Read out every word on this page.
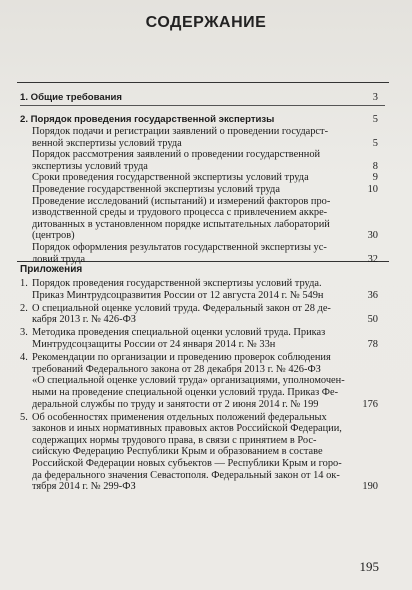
СОДЕРЖАНИЕ
Приложения
195
1. Общие требования	3
2. Порядок проведения государственной экспертизы	5
Порядок подачи и регистрации заявлений о проведении государст-
венной экспертизы условий труда	5
Порядок рассмотрения заявлений о проведении государственной
экспертизы условий труда	8
Сроки проведения государственной экспертизы условий труда	9
Проведение государственной экспертизы условий труда	10
Проведение исследований (испытаний) и измерений факторов про-
изводственной среды и трудового процесса с привлечением аккре-
дитованных в установленном порядке испытательных лабораторий
(центров)	30
Порядок оформления результатов государственной экспертизы ус-
ловий труда	32
1. Порядок проведения государственной экспертизы условий труда.
Приказ Минтрудсоцразвития России от 12 августа 2014 г. № 549н	36
2. О специальной оценке условий труда. Федеральный закон от 28 де-
кабря 2013 г. № 426-ФЗ	50
3. Методика проведения специальной оценки условий труда. Приказ
Минтрудсоцзащиты России от 24 января 2014 г. № 33н	78
4. Рекомендации по организации и проведению проверок соблюдения
требований Федерального закона от 28 декабря 2013 г. № 426-ФЗ
«О специальной оценке условий труда» организациями, уполномочен-
ными на проведение специальной оценки условий труда. Приказ Фе-
деральной службы по труду и занятости от 2 июня 2014 г. № 199	176
5. Об особенностях применения отдельных положений федеральных
законов и иных нормативных правовых актов Российской Федерации,
содержащих нормы трудового права, в связи с принятием в Рос-
сийскую Федерацию Республики Крым и образованием в составе
Российской Федерации новых субъектов — Республики Крым и горо-
да федерального значения Севастополя. Федеральный закон от 14 ок-
тября 2014 г. № 299-ФЗ	190
